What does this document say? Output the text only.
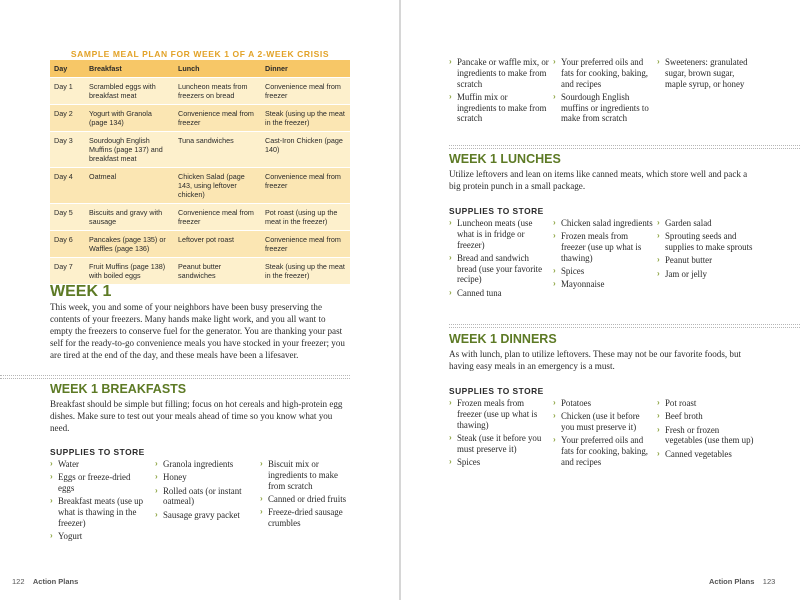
SAMPLE MEAL PLAN FOR WEEK 1 OF A 2-WEEK CRISIS
Day	Breakfast	Lunch	Dinner
Day 1	Scrambled eggs with breakfast meat	Luncheon meats from freezers on bread	Convenience meal from freezer
Day 2	Yogurt with Granola (page 134)	Convenience meal from freezer	Steak (using up the meat in the freezer)
Day 3	Sourdough English Muffins (page 137) and breakfast meat	Tuna sandwiches	Cast-Iron Chicken (page 140)
Day 4	Oatmeal	Chicken Salad (page 143, using leftover chicken)	Convenience meal from freezer
Day 5	Biscuits and gravy with sausage	Convenience meal from freezer	Pot roast (using up the meat in the freezer)
Day 6	Pancakes (page 135) or Waffles (page 136)	Leftover pot roast	Convenience meal from freezer
Day 7	Fruit Muffins (page 138) with boiled eggs	Peanut butter sandwiches	Steak (using up the meat in the freezer)
WEEK 1

This week, you and some of your neighbors have been busy preserving the contents of your freezers. Many hands make light work, and you all want to empty the freezers to conserve fuel for the generator. You are thanking your past self for the ready-to-go convenience meals you have stocked in your freezer; you are tired at the end of the day, and these meals have been a lifesaver.

WEEK 1 BREAKFASTS

Breakfast should be simple but filling; focus on hot cereals and high-protein egg dishes. Make sure to test out your meals ahead of time so you know what you need.

SUPPLIES TO STORE
› Water
› Eggs or freeze-dried eggs
› Breakfast meats (use up what is thawing in the freezer)
› Yogurt
› Granola ingredients
› Honey
› Rolled oats (or instant oatmeal)
› Sausage gravy packet
› Biscuit mix or ingredients to make from scratch
› Canned or dried fruits
› Freeze-dried sausage crumbles
122 Action Plans
› Pancake or waffle mix, or ingredients to make from scratch
› Muffin mix or ingredients to make from scratch
› Your preferred oils and fats for cooking, baking, and recipes
› Sourdough English muffins or ingredients to make from scratch
› Sweeteners: granulated sugar, brown sugar, maple syrup, or honey
WEEK 1 LUNCHES

Utilize leftovers and lean on items like canned meats, which store well and pack a big protein punch in a small package.

SUPPLIES TO STORE
› Luncheon meats (use what is in fridge or freezer)
› Bread and sandwich bread (use your favorite recipe)
› Canned tuna
› Chicken salad ingredients
› Frozen meals from freezer (use up what is thawing)
› Spices
› Mayonnaise
› Garden salad
› Sprouting seeds and supplies to make sprouts
› Peanut butter
› Jam or jelly
WEEK 1 DINNERS

As with lunch, plan to utilize leftovers. These may not be our favorite foods, but having easy meals in an emergency is a must.

SUPPLIES TO STORE
› Frozen meals from freezer (use up what is thawing)
› Steak (use it before you must preserve it)
› Spices
› Potatoes
› Chicken (use it before you must preserve it)
› Your preferred oils and fats for cooking, baking, and recipes
› Pot roast
› Beef broth
› Fresh or frozen vegetables (use them up)
› Canned vegetables
Action Plans 123
